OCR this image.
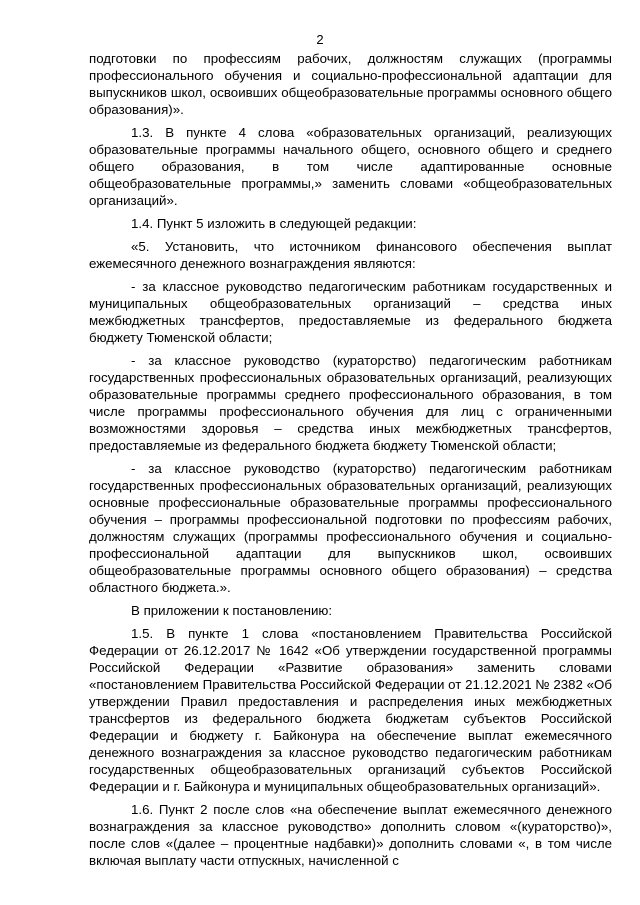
2

подготовки по профессиям рабочих, должностям служащих (программы профессионального обучения и социально-профессиональной адаптации для выпускников школ, освоивших общеобразовательные программы основного общего образования)».

1.3. В пункте 4 слова «образовательных организаций, реализующих образовательные программы начального общего, основного общего и среднего общего образования, в том числе адаптированные основные общеобразовательные программы,» заменить словами «общеобразовательных организаций».

1.4. Пункт 5 изложить в следующей редакции:

«5. Установить, что источником финансового обеспечения выплат ежемесячного денежного вознаграждения являются:

- за классное руководство педагогическим работникам государственных и муниципальных общеобразовательных организаций – средства иных межбюджетных трансфертов, предоставляемые из федерального бюджета бюджету Тюменской области;

- за классное руководство (кураторство) педагогическим работникам государственных профессиональных образовательных организаций, реализующих образовательные программы среднего профессионального образования, в том числе программы профессионального обучения для лиц с ограниченными возможностями здоровья – средства иных межбюджетных трансфертов, предоставляемые из федерального бюджета бюджету Тюменской области;

- за классное руководство (кураторство) педагогическим работникам государственных профессиональных образовательных организаций, реализующих основные профессиональные образовательные программы профессионального обучения – программы профессиональной подготовки по профессиям рабочих, должностям служащих (программы профессионального обучения и социально-профессиональной адаптации для выпускников школ, освоивших общеобразовательные программы основного общего образования) – средства областного бюджета.».

В приложении к постановлению:

1.5. В пункте 1 слова «постановлением Правительства Российской Федерации от 26.12.2017 № 1642 «Об утверждении государственной программы Российской Федерации «Развитие образования» заменить словами «постановлением Правительства Российской Федерации от 21.12.2021 № 2382 «Об утверждении Правил предоставления и распределения иных межбюджетных трансфертов из федерального бюджета бюджетам субъектов Российской Федерации и бюджету г. Байконура на обеспечение выплат ежемесячного денежного вознаграждения за классное руководство педагогическим работникам государственных общеобразовательных организаций субъектов Российской Федерации и г. Байконура и муниципальных общеобразовательных организаций».

1.6. Пункт 2 после слов «на обеспечение выплат ежемесячного денежного вознаграждения за классное руководство» дополнить словом «(кураторство)», после слов «(далее – процентные надбавки)» дополнить словами «, в том числе включая выплату части отпускных, начисленной с
